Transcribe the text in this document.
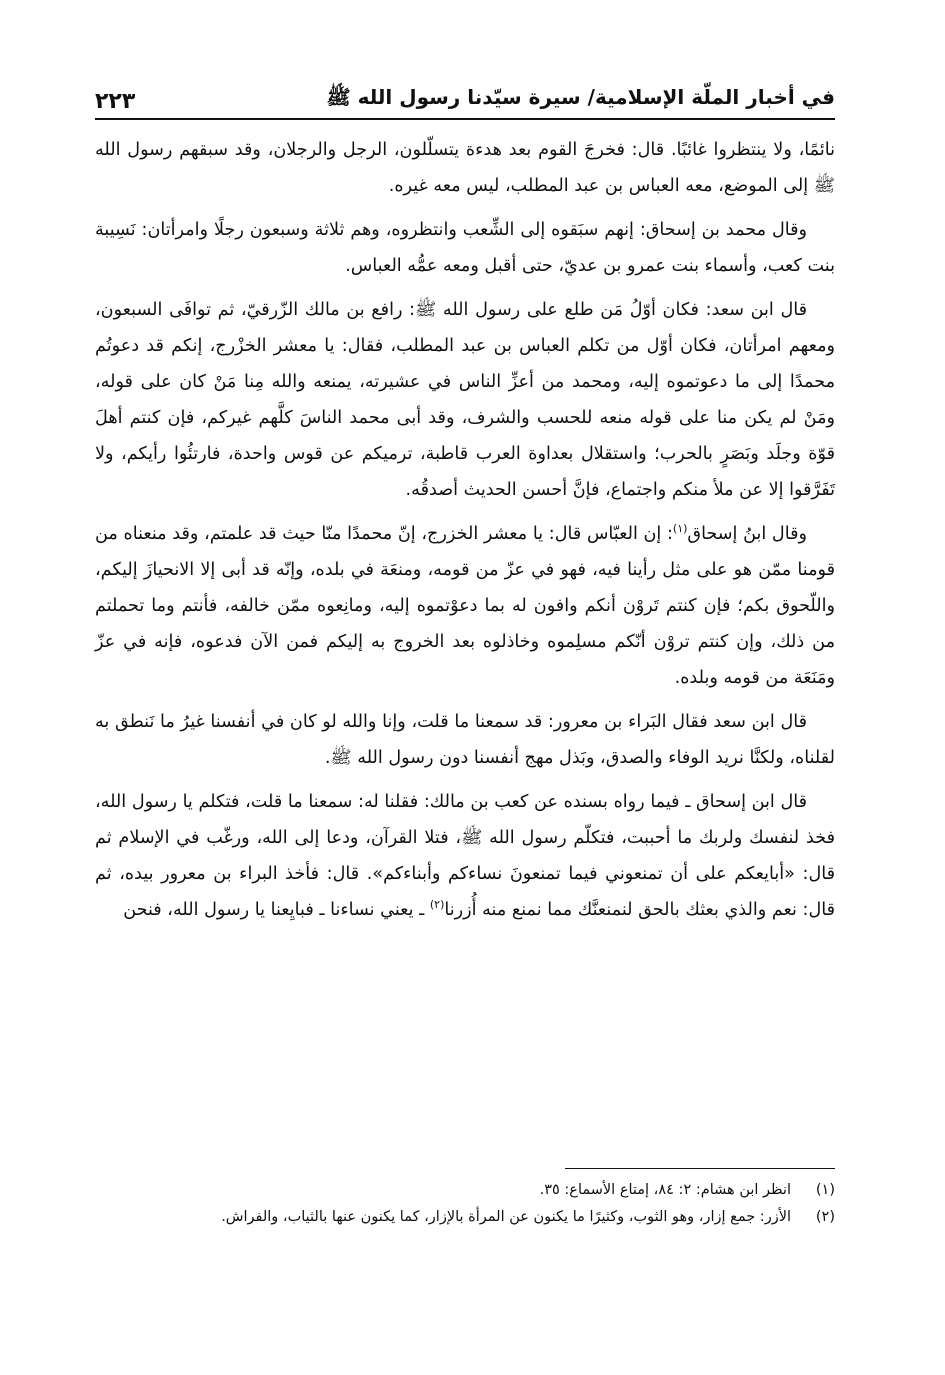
في أخبار الملّة الإسلامية/ سيرة سيّدنا رسول الله ﷺ
٢٢٣

نائمًا، ولا ينتظروا غائبًا. قال: فخرجَ القوم بعد هدءة يتسلّلون، الرجل والرجلان، وقد سبقهم رسول الله ﷺ إلى الموضع، معه العباس بن عبد المطلب، ليس معه غيره.

وقال محمد بن إسحاق: إنهم سبَقوه إلى الشِّعب وانتظروه، وهم ثلاثة وسبعون رجلًا وامرأتان: نَسِيبة بنت كعب، وأسماء بنت عمرو بن عديّ، حتى أقبل ومعه عمُّه العباس.

قال ابن سعد: فكان أوّلُ مَن طلع على رسول الله ﷺ: رافع بن مالك الزّرقيّ، ثم توافَى السبعون، ومعهم امرأتان، فكان أوّل من تكلم العباس بن عبد المطلب، فقال: يا معشر الخزْرج، إنكم قد دعوتُم محمدًا إلى ما دعوتموه إليه، ومحمد من أعزِّ الناس في عشيرته، يمنعه والله مِنا مَنْ كان على قوله، ومَنْ لم يكن منا على قوله منعه للحسب والشرف، وقد أبى محمد الناسَ كلَّهم غيركم، فإن كنتم أهلَ قوّة وجلَد وبَصَرٍ بالحرب؛ واستقلال بعداوة العرب قاطبة، ترميكم عن قوس واحدة، فارتئُوا رأيكم، ولا تَفَرَّقوا إلا عن ملأ منكم واجتماع، فإنَّ أحسن الحديث أصدقُه.

وقال ابنُ إسحاق$^{(١)}$: إن العبّاس قال: يا معشر الخزرج، إنّ محمدًا منّا حيث قد علمتم، وقد منعناه من قومنا ممّن هو على مثل رأينا فيه، فهو في عزّ من قومه، ومنعَة في بلده، وإنّه قد أبى إلا الانحيازَ إليكم، واللّحوق بكم؛ فإن كنتم تَروْن أنكم وافون له بما دعوْتموه إليه، ومانِعوه ممّن خالفه، فأنتم وما تحملتم من ذلك، وإن كنتم تروْن أنّكم مسلِموه وخاذلوه بعد الخروج به إليكم فمن الآن فدعوه، فإنه في عزّ ومَنَعَة من قومه وبلده.

قال ابن سعد فقال البَراء بن معرور: قد سمعنا ما قلت، وإنا والله لو كان في أنفسنا غيرُ ما نَنطق به لقلناه، ولكنَّا نريد الوفاء والصدق، وبَذل مهج أنفسنا دون رسول الله ﷺ.

قال ابن إسحاق ـ فيما رواه بسنده عن كعب بن مالك: فقلنا له: سمعنا ما قلت، فتكلم يا رسول الله، فخذ لنفسك ولربك ما أحببت، فتكلّم رسول الله ﷺ، فتلا القرآن، ودعا إلى الله، ورغّب في الإسلام ثم قال: «أبايعكم على أن تمنعوني فيما تمنعونَ نساءكم وأبناءكم». قال: فأخذ البراء بن معرور بيده، ثم قال: نعم والذي بعثك بالحق لنمنعنَّك مما نمنع منه أُزرنا$^{(٢)}$ ـ يعني نساءنا ـ فبايِعنا يا رسول الله، فنحن

(١)
انظر ابن هشام: ٢: ٨٤، إمتاع الأسماع: ٣٥.
(٢)
الأزر: جمع إزار، وهو الثوب، وكثيرًا ما يكنون عن المرأة بالإزار، كما يكنون عنها بالثياب، والفراش.
